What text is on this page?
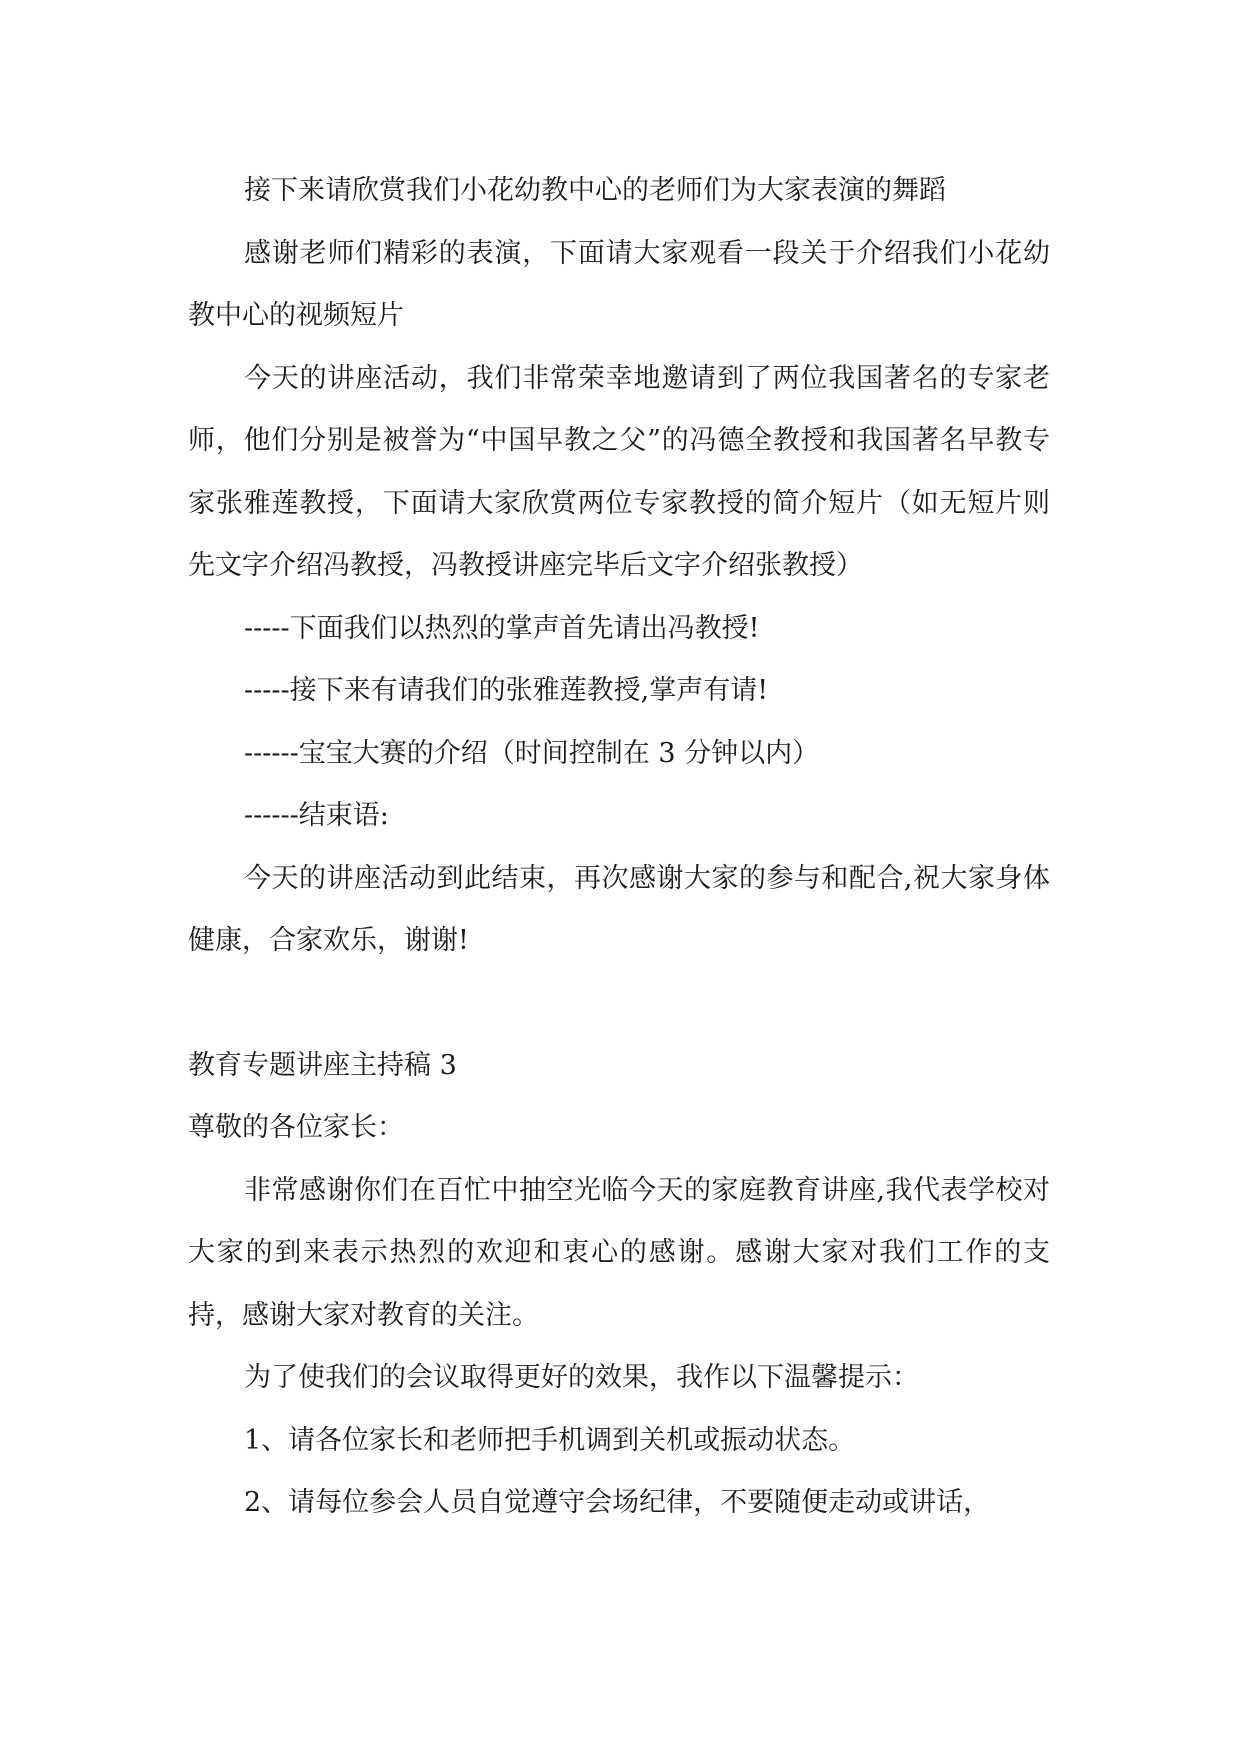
接下来请欣赏我们小花幼教中心的老师们为大家表演的舞蹈

感谢老师们精彩的表演，下面请大家观看一段关于介绍我们小花幼教中心的视频短片

今天的讲座活动，我们非常荣幸地邀请到了两位我国著名的专家老师，他们分别是被誉为“中国早教之父”的冯德全教授和我国著名早教专家张雅莲教授，下面请大家欣赏两位专家教授的简介短片（如无短片则先文字介绍冯教授，冯教授讲座完毕后文字介绍张教授）

-----下面我们以热烈的掌声首先请出冯教授!

-----接下来有请我们的张雅莲教授,掌声有请!

------宝宝大赛的介绍（时间控制在 3 分钟以内）

------结束语:

今天的讲座活动到此结束，再次感谢大家的参与和配合,祝大家身体健康，合家欢乐，谢谢!

教育专题讲座主持稿 3

尊敬的各位家长：

非常感谢你们在百忙中抽空光临今天的家庭教育讲座,我代表学校对大家的到来表示热烈的欢迎和衷心的感谢。感谢大家对我们工作的支持，感谢大家对教育的关注。

为了使我们的会议取得更好的效果，我作以下温馨提示：

1、请各位家长和老师把手机调到关机或振动状态。

2、请每位参会人员自觉遵守会场纪律，不要随便走动或讲话，
